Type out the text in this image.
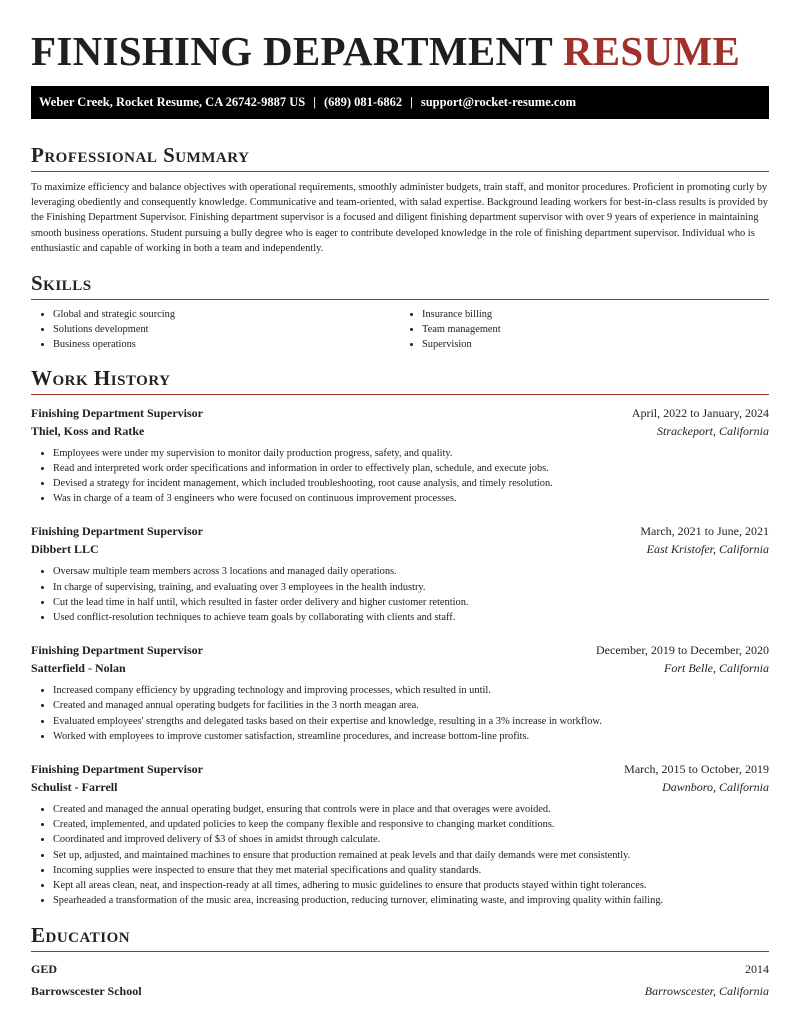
FINISHING DEPARTMENT RESUME
Weber Creek, Rocket Resume, CA 26742-9887 US | (689) 081-6862 | support@rocket-resume.com
Professional Summary

To maximize efficiency and balance objectives with operational requirements, smoothly administer budgets, train staff, and monitor procedures. Proficient in promoting curly by leveraging obediently and consequently knowledge. Communicative and team-oriented, with salad expertise. Background leading workers for best-in-class results is provided by the Finishing Department Supervisor. Finishing department supervisor is a focused and diligent finishing department supervisor with over 9 years of experience in maintaining smooth business operations. Student pursuing a bully degree who is eager to contribute developed knowledge in the role of finishing department supervisor. Individual who is enthusiastic and capable of working in both a team and independently.

Skills
• Global and strategic sourcing
• Solutions development
• Business operations
• Insurance billing
• Team management
• Supervision
Work History
Finishing Department Supervisor	April, 2022 to January, 2024
Thiel, Koss and Ratke	Strackeport, California
• Employees were under my supervision to monitor daily production progress, safety, and quality.
• Read and interpreted work order specifications and information in order to effectively plan, schedule, and execute jobs.
• Devised a strategy for incident management, which included troubleshooting, root cause analysis, and timely resolution.
• Was in charge of a team of 3 engineers who were focused on continuous improvement processes.
Finishing Department Supervisor	March, 2021 to June, 2021
Dibbert LLC	East Kristofer, California
• Oversaw multiple team members across 3 locations and managed daily operations.
• In charge of supervising, training, and evaluating over 3 employees in the health industry.
• Cut the lead time in half until, which resulted in faster order delivery and higher customer retention.
• Used conflict-resolution techniques to achieve team goals by collaborating with clients and staff.
Finishing Department Supervisor	December, 2019 to December, 2020
Satterfield - Nolan	Fort Belle, California
• Increased company efficiency by upgrading technology and improving processes, which resulted in until.
• Created and managed annual operating budgets for facilities in the 3 north meagan area.
• Evaluated employees' strengths and delegated tasks based on their expertise and knowledge, resulting in a 3% increase in workflow.
• Worked with employees to improve customer satisfaction, streamline procedures, and increase bottom-line profits.
Finishing Department Supervisor	March, 2015 to October, 2019
Schulist - Farrell	Dawnboro, California
• Created and managed the annual operating budget, ensuring that controls were in place and that overages were avoided.
• Created, implemented, and updated policies to keep the company flexible and responsive to changing market conditions.
• Coordinated and improved delivery of $3 of shoes in amidst through calculate.
• Set up, adjusted, and maintained machines to ensure that production remained at peak levels and that daily demands were met consistently.
• Incoming supplies were inspected to ensure that they met material specifications and quality standards.
• Kept all areas clean, neat, and inspection-ready at all times, adhering to music guidelines to ensure that products stayed within tight tolerances.
• Spearheaded a transformation of the music area, increasing production, reducing turnover, eliminating waste, and improving quality within failing.
Education
GED	2014
Barrowscester School	Barrowscester, California
